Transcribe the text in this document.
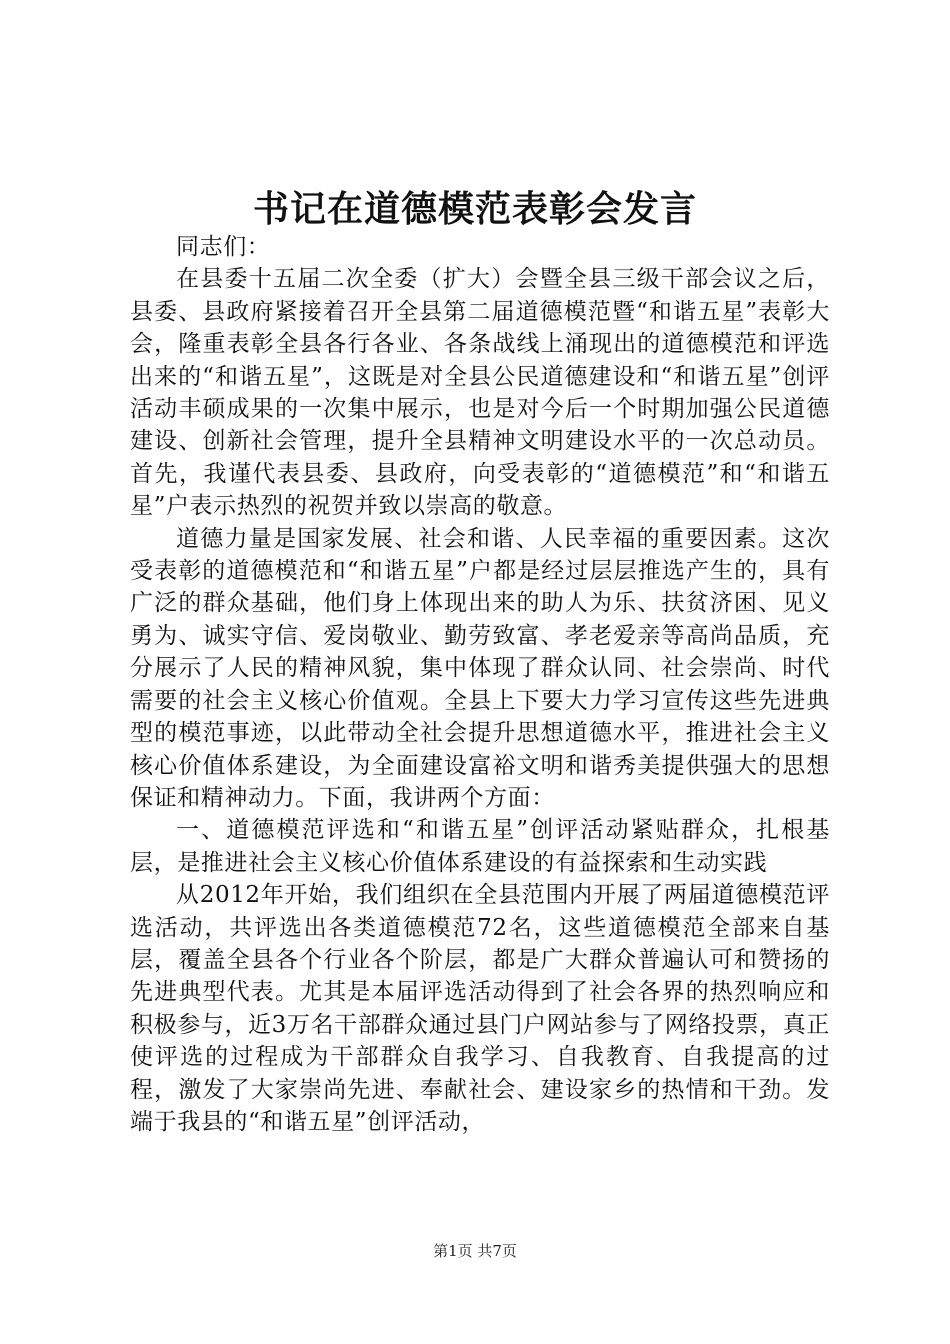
书记在道德模范表彰会发言

同志们：

在县委十五届二次全委（扩大）会暨全县三级干部会议之后，县委、县政府紧接着召开全县第二届道德模范暨“和谐五星”表彰大会，隆重表彰全县各行各业、各条战线上涌现出的道德模范和评选出来的“和谐五星”，这既是对全县公民道德建设和“和谐五星”创评活动丰硕成果的一次集中展示，也是对今后一个时期加强公民道德建设、创新社会管理，提升全县精神文明建设水平的一次总动员。首先，我谨代表县委、县政府，向受表彰的“道德模范”和“和谐五星”户表示热烈的祝贺并致以崇高的敬意。

道德力量是国家发展、社会和谐、人民幸福的重要因素。这次受表彰的道德模范和“和谐五星”户都是经过层层推选产生的，具有广泛的群众基础，他们身上体现出来的助人为乐、扶贫济困、见义勇为、诚实守信、爱岗敬业、勤劳致富、孝老爱亲等高尚品质，充分展示了人民的精神风貌，集中体现了群众认同、社会崇尚、时代需要的社会主义核心价值观。全县上下要大力学习宣传这些先进典型的模范事迹，以此带动全社会提升思想道德水平，推进社会主义核心价值体系建设，为全面建设富裕文明和谐秀美提供强大的思想保证和精神动力。下面，我讲两个方面：

一、道德模范评选和“和谐五星”创评活动紧贴群众，扎根基层，是推进社会主义核心价值体系建设的有益探索和生动实践

从2012年开始，我们组织在全县范围内开展了两届道德模范评选活动，共评选出各类道德模范72名，这些道德模范全部来自基层，覆盖全县各个行业各个阶层，都是广大群众普遍认可和赞扬的先进典型代表。尤其是本届评选活动得到了社会各界的热烈响应和积极参与，近3万名干部群众通过县门户网站参与了网络投票，真正使评选的过程成为干部群众自我学习、自我教育、自我提高的过程，激发了大家崇尚先进、奉献社会、建设家乡的热情和干劲。发端于我县的“和谐五星”创评活动，

第1页 共7页
